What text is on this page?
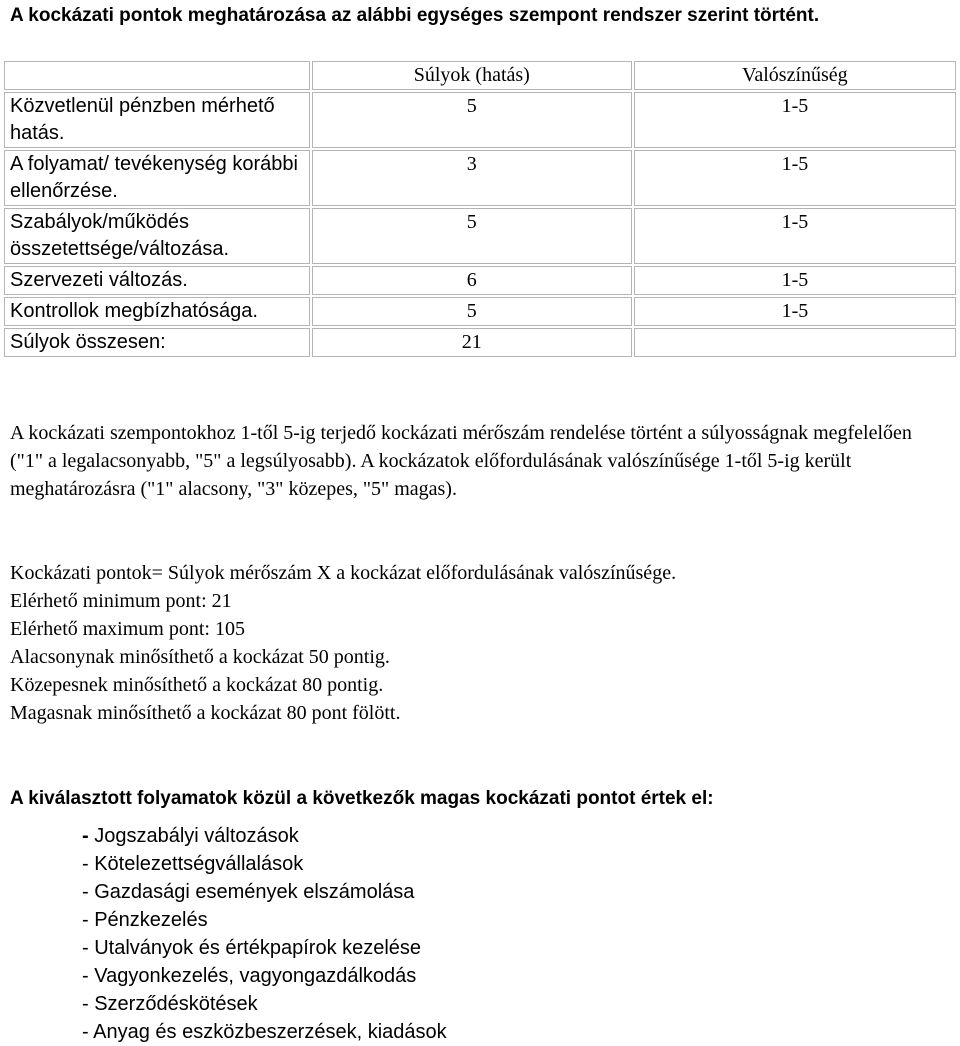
A kockázati pontok meghatározása az alábbi egységes szempont rendszer szerint történt.
	Súlyok (hatás)	Valószínűség
Közvetlenül pénzben mérhető hatás.	5	1-5
A folyamat/ tevékenység korábbi ellenőrzése.	3	1-5
Szabályok/működés összetettsége/változása.	5	1-5
Szervezeti változás.	6	1-5
Kontrollok megbízhatósága.	5	1-5
Súlyok összesen:	21	

A kockázati szempontokhoz 1-től 5-ig terjedő kockázati mérőszám rendelése történt a súlyosságnak megfelelően ("1" a legalacsonyabb, "5" a legsúlyosabb). A kockázatok előfordulásának valószínűsége 1-től 5-ig került meghatározásra ("1" alacsony, "3" közepes, "5" magas).

Kockázati pontok= Súlyok mérőszám X a kockázat előfordulásának valószínűsége.

Elérhető minimum pont: 21

Elérhető maximum pont: 105

Alacsonynak minősíthető a kockázat 50 pontig.

Közepesnek minősíthető a kockázat 80 pontig.

Magasnak minősíthető a kockázat 80 pont fölött.

A kiválasztott folyamatok közül a következők magas kockázati pontot értek el:
- Jogszabályi változások
- Kötelezettségvállalások
- Gazdasági események elszámolása
- Pénzkezelés
- Utalványok és értékpapírok kezelése
- Vagyonkezelés, vagyongazdálkodás
- Szerződéskötések
- Anyag és eszközbeszerzések, kiadások
